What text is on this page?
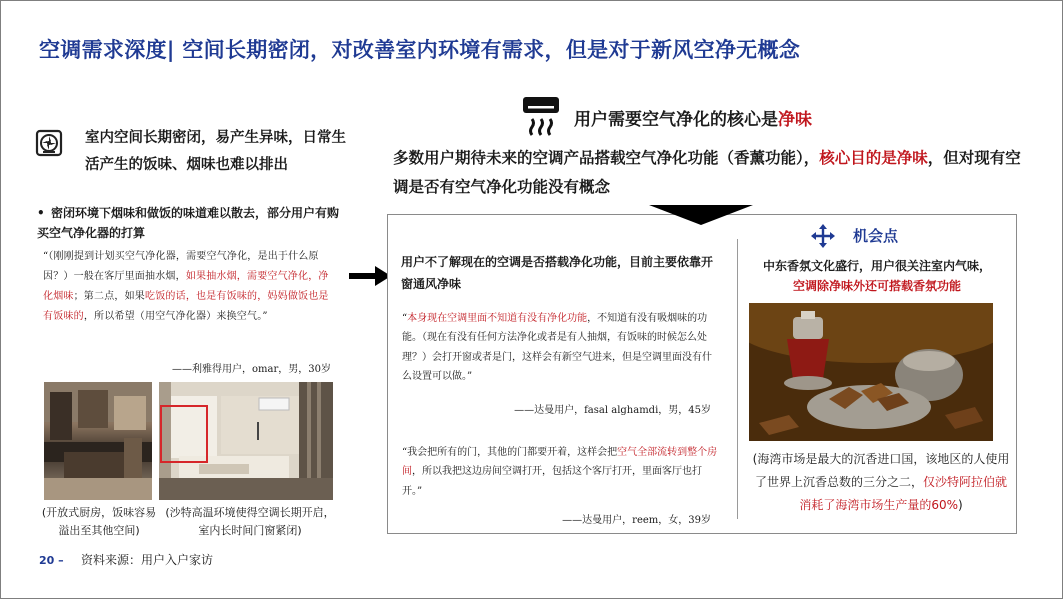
空调需求深度| 空间长期密闭，对改善室内环境有需求，但是对于新风空净无概念
室内空间长期密闭，易产生异味，日常生活产生的饭味、烟味也难以排出
• 密闭环境下烟味和做饭的味道难以散去，部分用户有购买空气净化器的打算
“（刚刚提到计划买空气净化器，需要空气净化，是出于什么原因？）一般在客厅里面抽水烟，如果抽水烟，需要空气净化，净化烟味；第二点，如果吃饭的话，也是有饭味的，妈妈做饭也是有饭味的，所以希望（用空气净化器）来换空气。”
——利雅得用户，omar，男，30岁
(开放式厨房，饭味容易溢出至其他空间)
(沙特高温环境使得空调长期开启，室内长时间门窗紧闭)
20 – 资料来源：用户入户家访
用户需要空气净化的核心是净味
多数用户期待未来的空调产品搭载空气净化功能（香薰功能），核心目的是净味，但对现有空调是否有空气净化功能没有概念
用户不了解现在的空调是否搭载净化功能，目前主要依靠开窗通风净味
“本身现在空调里面不知道有没有净化功能，不知道有没有吸烟味的功能。（现在有没有任何方法净化或者是有人抽烟，有饭味的时候怎么处理？）会打开窗或者是门，这样会有新空气进来，但是空调里面没有什么设置可以做。”
——达曼用户，fasal alghamdi，男，45岁
“我会把所有的门，其他的门都要开着，这样会把空气全部流转到整个房间，所以我把这边房间空调打开，包括这个客厅打开，里面客厅也打开。”
——达曼用户，reem，女，39岁
机会点
中东香氛文化盛行，用户很关注室内气味，
空调除净味外还可搭载香氛功能
(海湾市场是最大的沉香进口国，该地区的人使用了世界上沉香总数的三分之二，仅沙特阿拉伯就消耗了海湾市场生产量的60%)
